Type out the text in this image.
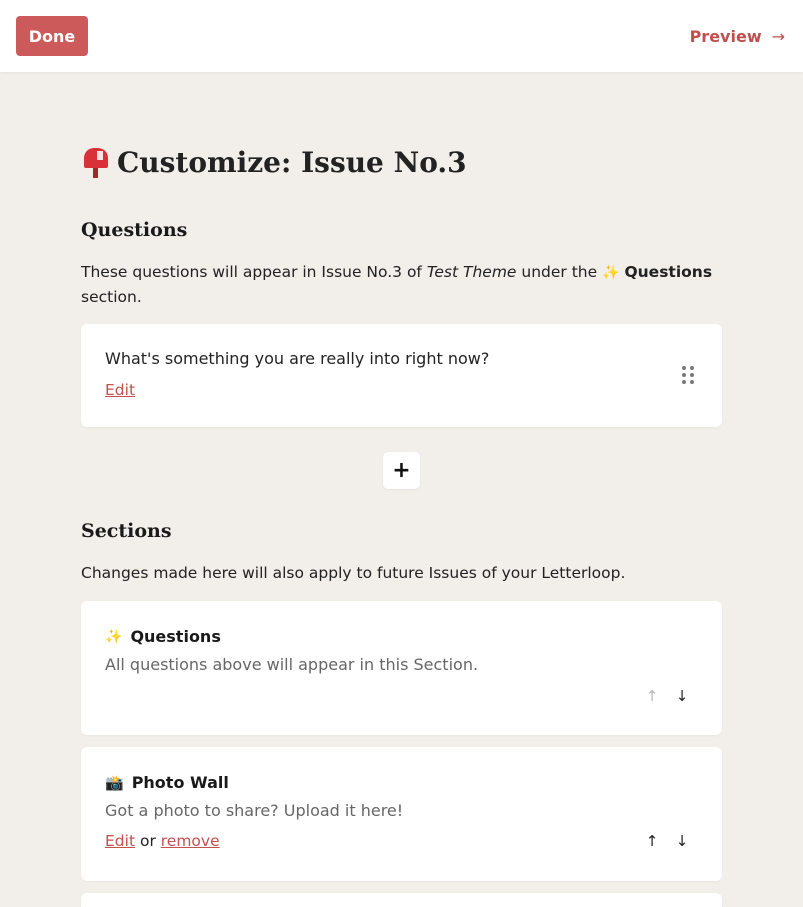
Done	Preview →
Customize: Issue No.3
Questions
These questions will appear in Issue No.3 of Test Theme under the ✨ Questions section.
What's something you are really into right now?
Edit
+
Sections
Changes made here will also apply to future Issues of your Letterloop.
✨ Questions
All questions above will appear in this Section.
↑ ↓
📸 Photo Wall
Got a photo to share? Upload it here!
Edit or remove	↑ ↓
